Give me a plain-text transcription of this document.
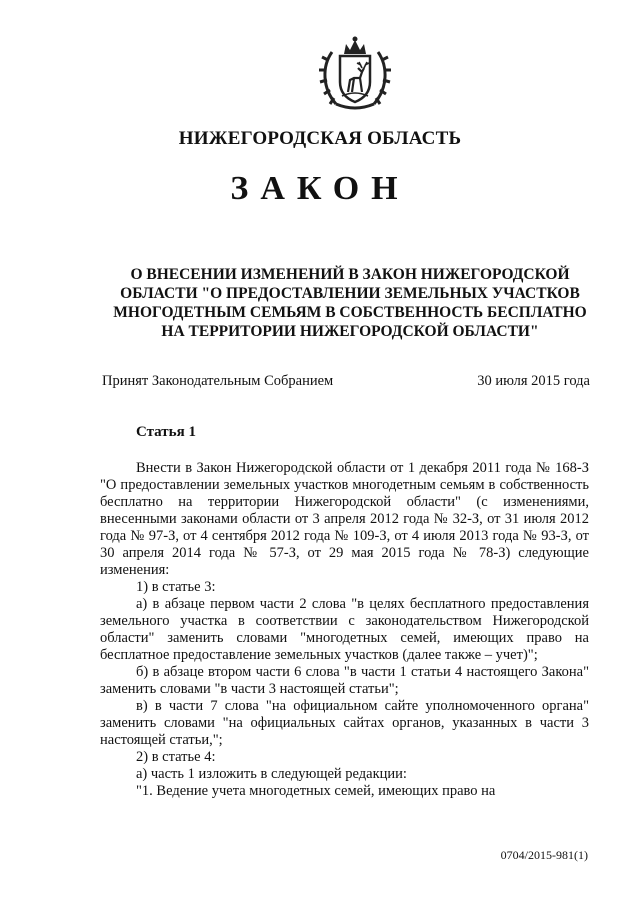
НИЖЕГОРОДСКАЯ ОБЛАСТЬ
ЗАКОН
О ВНЕСЕНИИ ИЗМЕНЕНИЙ В ЗАКОН НИЖЕГОРОДСКОЙ
ОБЛАСТИ "О ПРЕДОСТАВЛЕНИИ ЗЕМЕЛЬНЫХ УЧАСТКОВ
МНОГОДЕТНЫМ СЕМЬЯМ В СОБСТВЕННОСТЬ БЕСПЛАТНО
НА ТЕРРИТОРИИ НИЖЕГОРОДСКОЙ ОБЛАСТИ"
Принят Законодательным Собранием	30 июля 2015 года
Статья 1

Внести в Закон Нижегородской области от 1 декабря 2011 года № 168-З "О предоставлении земельных участков многодетным семьям в собственность бесплатно на территории Нижегородской области" (с изменениями, внесенными законами области от 3 апреля 2012 года № 32-З, от 31 июля 2012 года № 97-З, от 4 сентября 2012 года № 109-З, от 4 июля 2013 года № 93-З, от 30 апреля 2014 года № 57-З, от 29 мая 2015 года № 78-З) следующие изменения:

1) в статье 3:

а) в абзаце первом части 2 слова "в целях бесплатного предоставления земельного участка в соответствии с законодательством Нижегородской области" заменить словами "многодетных семей, имеющих право на бесплатное предоставление земельных участков (далее также – учет)";

б) в абзаце втором части 6 слова "в части 1 статьи 4 настоящего Закона" заменить словами "в части 3 настоящей статьи";

в) в части 7 слова "на официальном сайте уполномоченного органа" заменить словами "на официальных сайтах органов, указанных в части 3 настоящей статьи,";

2) в статье 4:

а) часть 1 изложить в следующей редакции:

"1. Ведение учета многодетных семей, имеющих право на

0704/2015-981(1)
